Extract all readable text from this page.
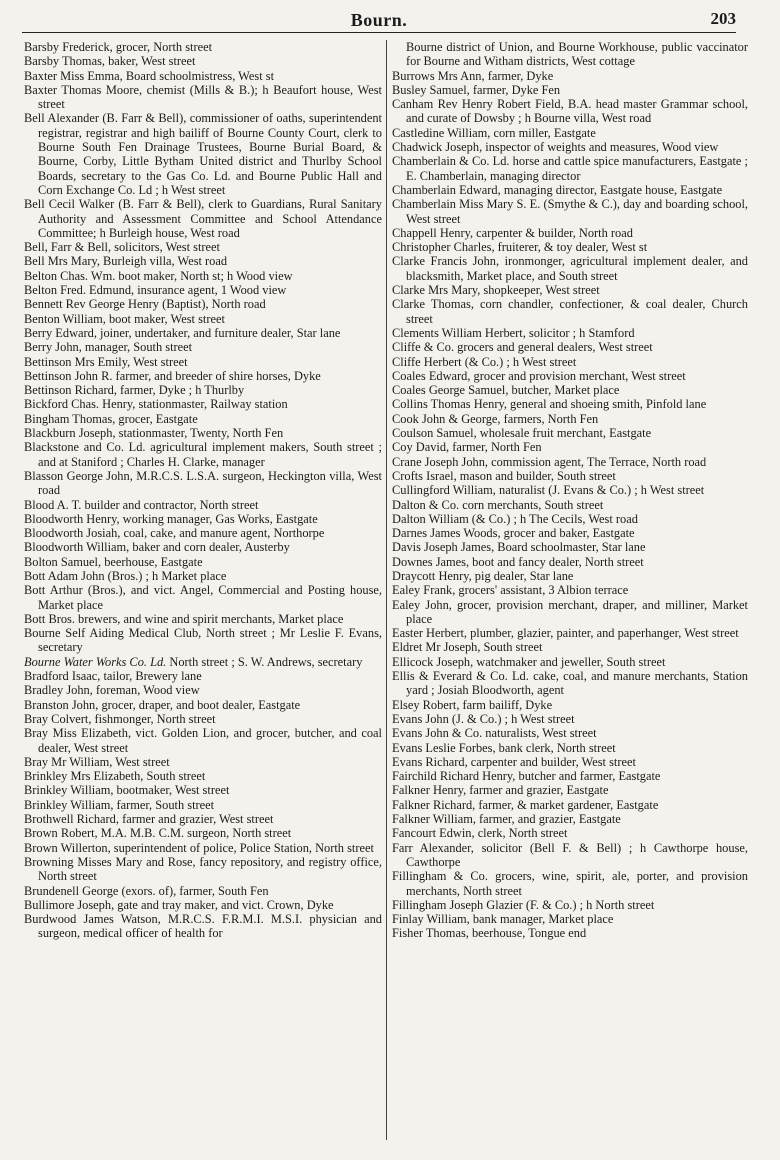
Bourn.	203

Barsby Frederick, grocer, North street

Barsby Thomas, baker, West street

Baxter Miss Emma, Board schoolmistress, West st

Baxter Thomas Moore, chemist (Mills & B.); h Beaufort house, West street

Bell Alexander (B. Farr & Bell), commissioner of oaths, superintendent registrar, registrar and high bailiff of Bourne County Court, clerk to Bourne South Fen Drainage Trustees, Bourne Burial Board, & Bourne, Corby, Little Bytham United district and Thurlby School Boards, secretary to the Gas Co. Ld. and Bourne Public Hall and Corn Exchange Co. Ld ; h West street

Bell Cecil Walker (B. Farr & Bell), clerk to Guardians, Rural Sanitary Authority and Assessment Committee and School Attendance Committee; h Burleigh house, West road

Bell, Farr & Bell, solicitors, West street

Bell Mrs Mary, Burleigh villa, West road

Belton Chas. Wm. boot maker, North st; h Wood view

Belton Fred. Edmund, insurance agent, 1 Wood view

Bennett Rev George Henry (Baptist), North road

Benton William, boot maker, West street

Berry Edward, joiner, undertaker, and furniture dealer, Star lane

Berry John, manager, South street

Bettinson Mrs Emily, West street

Bettinson John R. farmer, and breeder of shire horses, Dyke

Bettinson Richard, farmer, Dyke ; h Thurlby

Bickford Chas. Henry, stationmaster, Railway station

Bingham Thomas, grocer, Eastgate

Blackburn Joseph, stationmaster, Twenty, North Fen

Blackstone and Co. Ld. agricultural implement makers, South street ; and at Staniford ; Charles H. Clarke, manager

Blasson George John, M.R.C.S. L.S.A. surgeon, Heckington villa, West road

Blood A. T. builder and contractor, North street

Bloodworth Henry, working manager, Gas Works, Eastgate

Bloodworth Josiah, coal, cake, and manure agent, Northorpe

Bloodworth William, baker and corn dealer, Austerby

Bolton Samuel, beerhouse, Eastgate

Bott Adam John (Bros.) ; h Market place

Bott Arthur (Bros.), and vict. Angel, Commercial and Posting house, Market place

Bott Bros. brewers, and wine and spirit merchants, Market place

Bourne Self Aiding Medical Club, North street ; Mr Leslie F. Evans, secretary

Bourne Water Works Co. Ld. North street ; S. W. Andrews, secretary

Bradford Isaac, tailor, Brewery lane

Bradley John, foreman, Wood view

Branston John, grocer, draper, and boot dealer, Eastgate

Bray Colvert, fishmonger, North street

Bray Miss Elizabeth, vict. Golden Lion, and grocer, butcher, and coal dealer, West street

Bray Mr William, West street

Brinkley Mrs Elizabeth, South street

Brinkley William, bootmaker, West street

Brinkley William, farmer, South street

Brothwell Richard, farmer and grazier, West street

Brown Robert, M.A. M.B. C.M. surgeon, North street

Brown Willerton, superintendent of police, Police Station, North street

Browning Misses Mary and Rose, fancy repository, and registry office, North street

Brundenell George (exors. of), farmer, South Fen

Bullimore Joseph, gate and tray maker, and vict. Crown, Dyke

Burdwood James Watson, M.R.C.S. F.R.M.I. M.S.I. physician and surgeon, medical officer of health for

Bourne district of Union, and Bourne Workhouse, public vaccinator for Bourne and Witham districts, West cottage

Burrows Mrs Ann, farmer, Dyke

Busley Samuel, farmer, Dyke Fen

Canham Rev Henry Robert Field, B.A. head master Grammar school, and curate of Dowsby ; h Bourne villa, West road

Castledine William, corn miller, Eastgate

Chadwick Joseph, inspector of weights and measures, Wood view

Chamberlain & Co. Ld. horse and cattle spice manufacturers, Eastgate ; E. Chamberlain, managing director

Chamberlain Edward, managing director, Eastgate house, Eastgate

Chamberlain Miss Mary S. E. (Smythe & C.), day and boarding school, West street

Chappell Henry, carpenter & builder, North road

Christopher Charles, fruiterer, & toy dealer, West st

Clarke Francis John, ironmonger, agricultural implement dealer, and blacksmith, Market place, and South street

Clarke Mrs Mary, shopkeeper, West street

Clarke Thomas, corn chandler, confectioner, & coal dealer, Church street

Clements William Herbert, solicitor ; h Stamford

Cliffe & Co. grocers and general dealers, West street

Cliffe Herbert (& Co.) ; h West street

Coales Edward, grocer and provision merchant, West street

Coales George Samuel, butcher, Market place

Collins Thomas Henry, general and shoeing smith, Pinfold lane

Cook John & George, farmers, North Fen

Coulson Samuel, wholesale fruit merchant, Eastgate

Coy David, farmer, North Fen

Crane Joseph John, commission agent, The Terrace, North road

Crofts Israel, mason and builder, South street

Cullingford William, naturalist (J. Evans & Co.) ; h West street

Dalton & Co. corn merchants, South street

Dalton William (& Co.) ; h The Cecils, West road

Darnes James Woods, grocer and baker, Eastgate

Davis Joseph James, Board schoolmaster, Star lane

Downes James, boot and fancy dealer, North street

Draycott Henry, pig dealer, Star lane

Ealey Frank, grocers' assistant, 3 Albion terrace

Ealey John, grocer, provision merchant, draper, and milliner, Market place

Easter Herbert, plumber, glazier, painter, and paperhanger, West street

Eldret Mr Joseph, South street

Ellicock Joseph, watchmaker and jeweller, South street

Ellis & Everard & Co. Ld. cake, coal, and manure merchants, Station yard ; Josiah Bloodworth, agent

Elsey Robert, farm bailiff, Dyke

Evans John (J. & Co.) ; h West street

Evans John & Co. naturalists, West street

Evans Leslie Forbes, bank clerk, North street

Evans Richard, carpenter and builder, West street

Fairchild Richard Henry, butcher and farmer, Eastgate

Falkner Henry, farmer and grazier, Eastgate

Falkner Richard, farmer, & market gardener, Eastgate

Falkner William, farmer, and grazier, Eastgate

Fancourt Edwin, clerk, North street

Farr Alexander, solicitor (Bell F. & Bell) ; h Cawthorpe house, Cawthorpe

Fillingham & Co. grocers, wine, spirit, ale, porter, and provision merchants, North street

Fillingham Joseph Glazier (F. & Co.) ; h North street

Finlay William, bank manager, Market place

Fisher Thomas, beerhouse, Tongue end
